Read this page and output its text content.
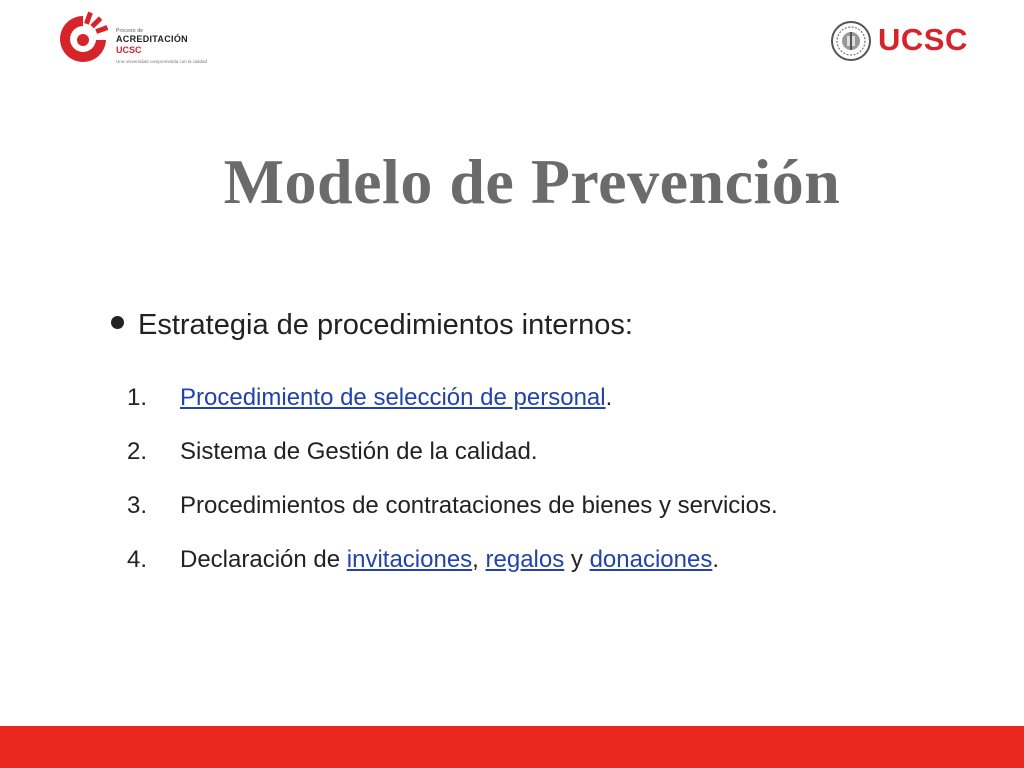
Proceso de
ACREDITACIÓN
UCSC
Una universidad comprometida con la calidad
UCSC
Modelo de Prevención
Estrategia de procedimientos internos:
1.	Procedimiento de selección de personal.
2.	Sistema de Gestión de la calidad.
3.	Procedimientos de contrataciones de bienes y servicios.
4.	Declaración de invitaciones, regalos y donaciones.
